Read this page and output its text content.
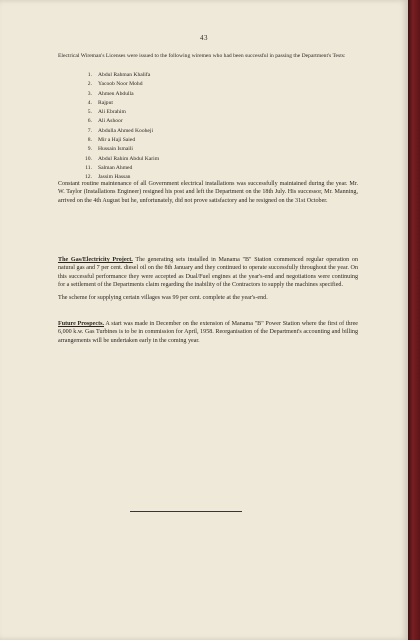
43
Electrical Wireman's Licenses were issued to the following wiremen who had been successful in passing the Department's Tests:
1. Abdul Rahman Khalifa
2. Yacoob Noor Mohd
3. Ahmen Abdulla
4. Rajput
5. Ali Ebrahim
6. Ali Ashoor
7. Abdulla Ahmed Kooheji
8. Mir a Haji Saied
9. Hussain Ismaili
10. Abdul Rahim Abdul Karim
11. Salman Ahmed
12. Jassim Hassan

Constant routine maintenance of all Government electrical installations was successfully maintained during the year. Mr. W. Taylor (Installations Engineer) resigned his post and left the Department on the 18th July. His successor, Mr. Manning, arrived on the 4th August but he, unfortunately, did not prove satisfactory and he resigned on the 31st October.

The Gas/Electricity Project. The generating sets installed in Manama "B" Station commenced regular operation on natural gas and 7 per cent. diesel oil on the 8th January and they continued to operate successfully throughout the year. On this successful performance they were accepted as Dual/Fuel engines at the year's-end and negotiations were continuing for a settlement of the Departments claim regarding the inability of the Contractors to supply the machines specified.

The scheme for supplying certain villages was 99 per cent. complete at the year's-end.

Future Prospects. A start was made in December on the extension of Manama "B" Power Station where the first of three 6,000 k.w. Gas Turbines is to be in commission for April, 1958. Reorganisation of the Department's accounting and billing arrangements will be undertaken early in the coming year.
